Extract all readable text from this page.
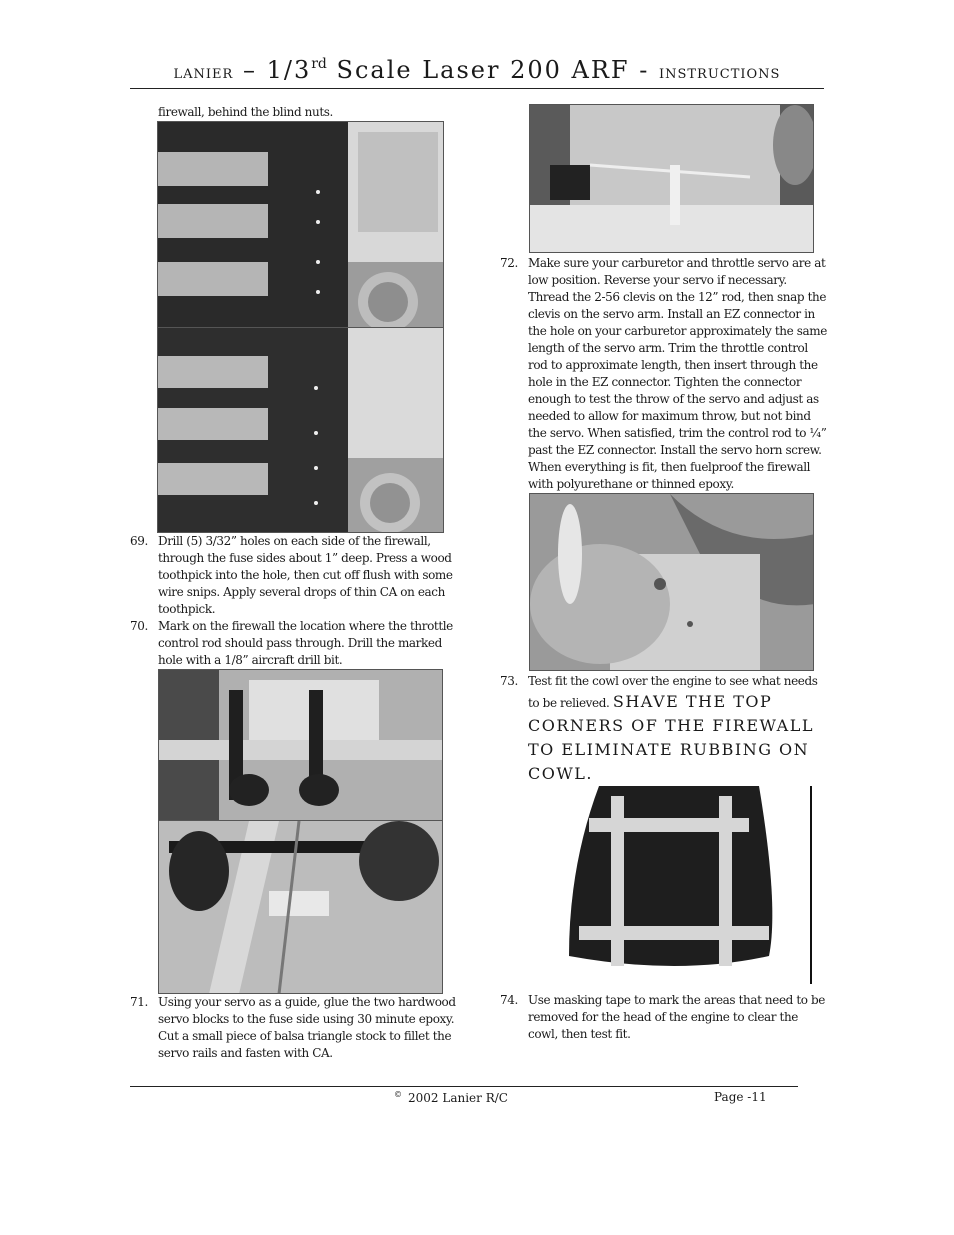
LANIER – 1/3rd Scale Laser 200 ARF - INSTRUCTIONS
firewall, behind the blind nuts.
69. Drill (5) 3/32” holes on each side of the firewall, through the fuse sides about 1” deep. Press a wood toothpick into the hole, then cut off flush with some wire snips. Apply several drops of thin CA on each toothpick.
70. Mark on the firewall the location where the throttle control rod should pass through. Drill the marked hole with a 1/8” aircraft drill bit.
71. Using your servo as a guide, glue the two hardwood servo blocks to the fuse side using 30 minute epoxy. Cut a small piece of balsa triangle stock to fillet the servo rails and fasten with CA.
72. Make sure your carburetor and throttle servo are at low position. Reverse your servo if necessary. Thread the 2-56 clevis on the 12” rod, then snap the clevis on the servo arm. Install an EZ connector in the hole on your carburetor approximately the same length of the servo arm. Trim the throttle control rod to approximate length, then insert through the hole in the EZ connector. Tighten the connector enough to test the throw of the servo and adjust as needed to allow for maximum throw, but not bind the servo. When satisfied, trim the control rod to ¼” past the EZ connector. Install the servo horn screw. When everything is fit, then fuelproof the firewall with polyurethane or thinned epoxy.
73. Test fit the cowl over the engine to see what needs to be relieved. SHAVE THE TOP CORNERS OF THE FIREWALL TO ELIMINATE RUBBING ON COWL.
74. Use masking tape to mark the areas that need to be removed for the head of the engine to clear the cowl, then test fit.
© 2002 Lanier R/C	Page -11
